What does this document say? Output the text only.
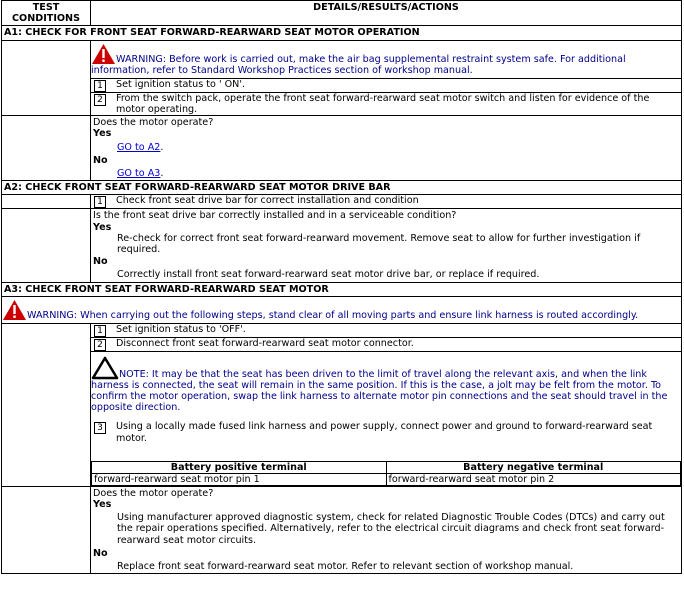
TEST CONDITIONS	DETAILS/RESULTS/ACTIONS
A1: CHECK FOR FRONT SEAT FORWARD-REARWARD SEAT MOTOR OPERATION

WARNING: Before work is carried out, make the air bag supplemental restraint system safe. For additional information, refer to Standard Workshop Practices section of workshop manual.
1	Set ignition status to ' ON'.
2	From the switch pack, operate the front seat forward-rearward seat motor switch and listen for evidence of the motor operating.

Does the motor operate?
Yes
GO to A2.
No
GO to A3.

A2: CHECK FRONT SEAT FORWARD-REARWARD SEAT MOTOR DRIVE BAR

1	Check front seat drive bar for correct installation and condition

Is the front seat drive bar correctly installed and in a serviceable condition?
Yes
Re-check for correct front seat forward-rearward movement. Remove seat to allow for further investigation if required.
No
Correctly install front seat forward-rearward seat motor drive bar, or replace if required.

A3: CHECK FRONT SEAT FORWARD-REARWARD SEAT MOTOR
WARNING: When carrying out the following steps, stand clear of all moving parts and ensure link harness is routed accordingly.

1	Set ignition status to 'OFF'.
2	Disconnect front seat forward-rearward seat motor connector.
NOTE: It may be that the seat has been driven to the limit of travel along the relevant axis, and when the link harness is connected, the seat will remain in the same position. If this is the case, a jolt may be felt from the motor. To confirm the motor operation, swap the link harness to alternate motor pin connections and the seat should travel in the opposite direction.
3	Using a locally made fused link harness and power supply, connect power and ground to forward-rearward seat motor.
Battery positive terminal	Battery negative terminal
forward-rearward seat motor pin 1	forward-rearward seat motor pin 2

Does the motor operate?
Yes
Using manufacturer approved diagnostic system, check for related Diagnostic Trouble Codes (DTCs) and carry out the repair operations specified. Alternatively, refer to the electrical circuit diagrams and check front seat forward-rearward seat motor circuits.
No
Replace front seat forward-rearward seat motor. Refer to relevant section of workshop manual.
